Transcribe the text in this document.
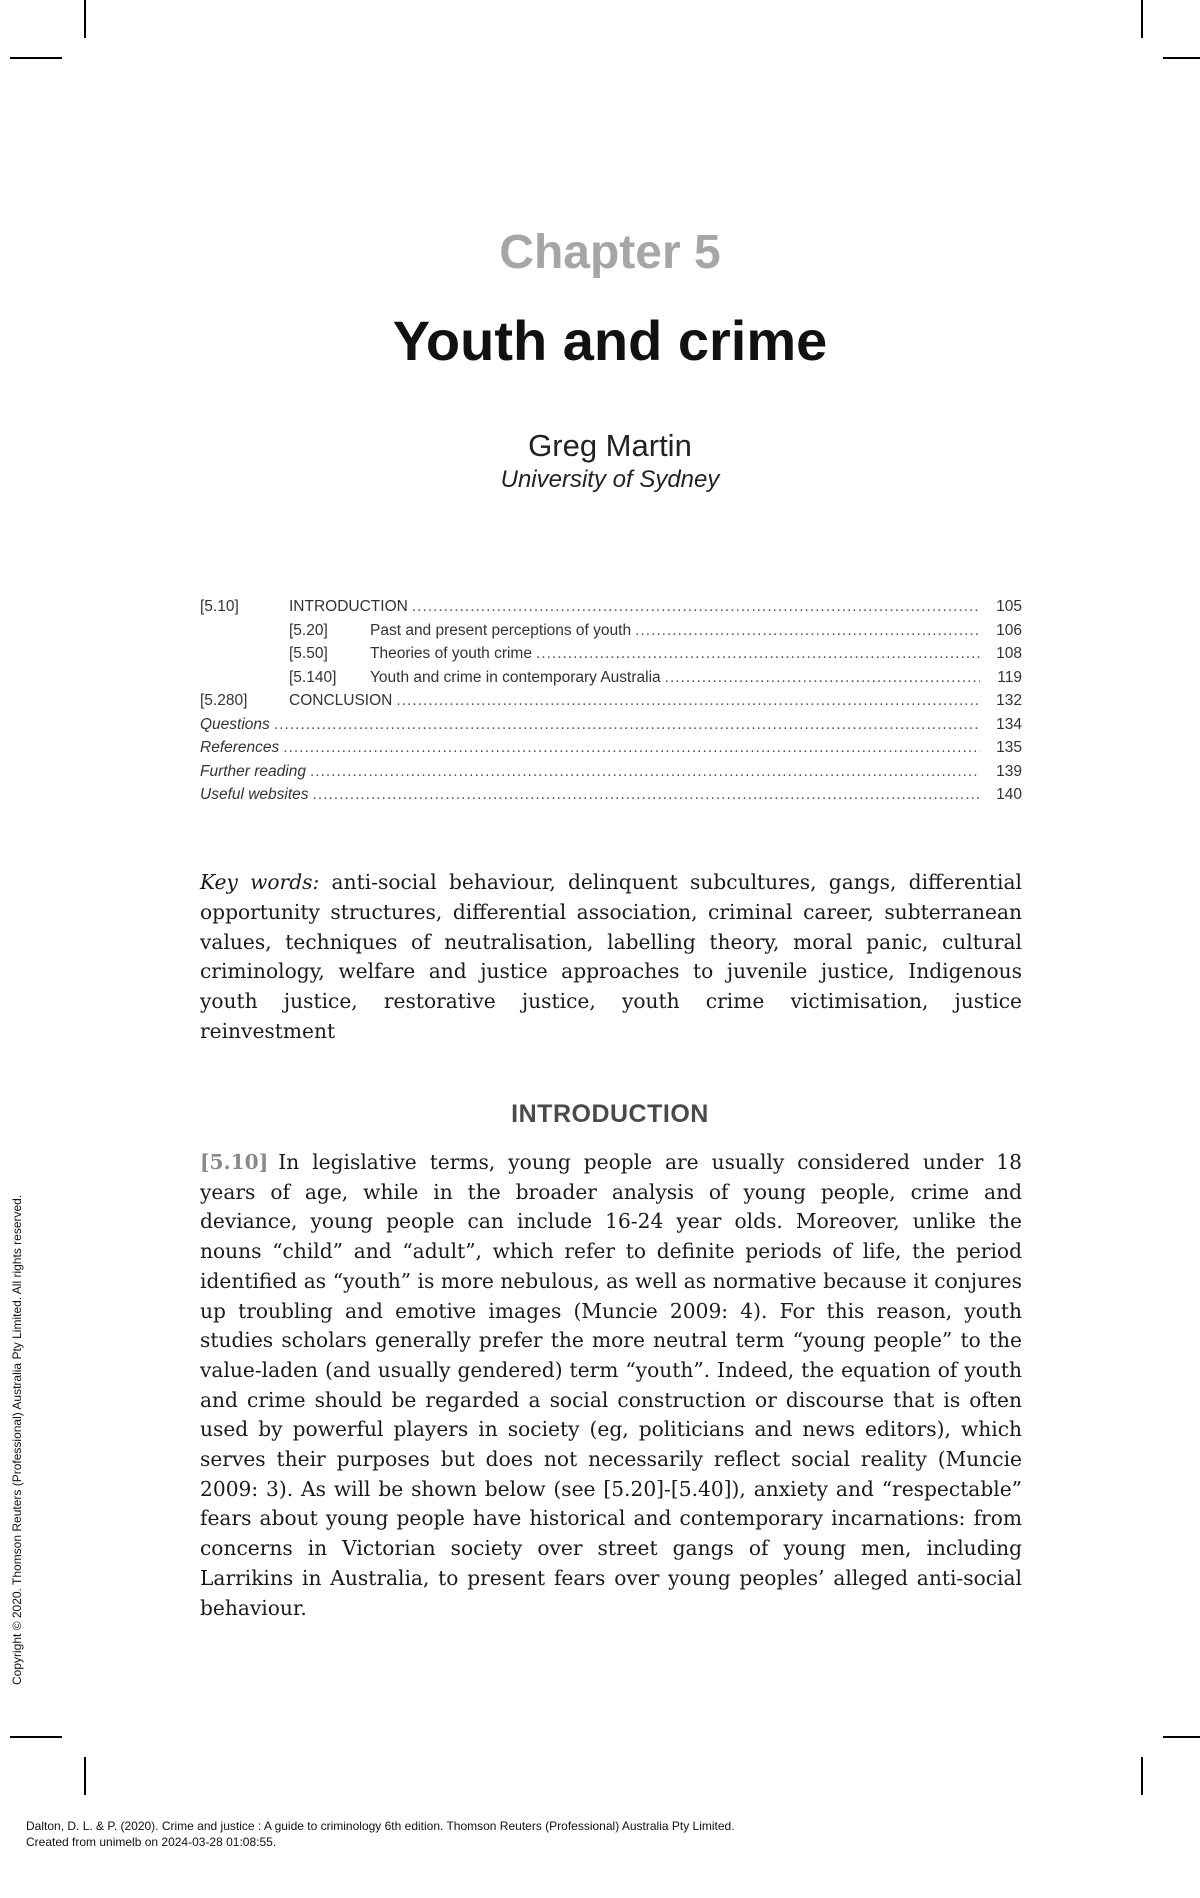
Chapter 5
Youth and crime
Greg Martin
University of Sydney
[5.10]	INTRODUCTION .....	105
[5.20]	Past and present perceptions of youth .....	106
[5.50]	Theories of youth crime .....	108
[5.140]	Youth and crime in contemporary Australia .....	119
[5.280]	CONCLUSION .....	132
Questions .....	134
References .....	135
Further reading .....	139
Useful websites .....	140
Key words: anti-social behaviour, delinquent subcultures, gangs, differential opportunity structures, differential association, criminal career, subterranean values, techniques of neutralisation, labelling theory, moral panic, cultural criminology, welfare and justice approaches to juvenile justice, Indigenous youth justice, restorative justice, youth crime victimisation, justice reinvestment
INTRODUCTION
[5.10] In legislative terms, young people are usually considered under 18 years of age, while in the broader analysis of young people, crime and deviance, young people can include 16-24 year olds. Moreover, unlike the nouns “child” and “adult”, which refer to definite periods of life, the period identified as “youth” is more nebulous, as well as normative because it conjures up troubling and emotive images (Muncie 2009: 4). For this reason, youth studies scholars generally prefer the more neutral term “young people” to the value-laden (and usually gendered) term “youth”. Indeed, the equation of youth and crime should be regarded a social construction or discourse that is often used by powerful players in society (eg, politicians and news editors), which serves their purposes but does not necessarily reflect social reality (Muncie 2009: 3). As will be shown below (see [5.20]-[5.40]), anxiety and “respectable” fears about young people have historical and contemporary incarnations: from concerns in Victorian society over street gangs of young men, including Larrikins in Australia, to present fears over young peoples’ alleged anti-social behaviour.
Copyright © 2020. Thomson Reuters (Professional) Australia Pty Limited. All rights reserved.
Dalton, D. L. & P. (2020). Crime and justice : A guide to criminology 6th edition. Thomson Reuters (Professional) Australia Pty Limited.
Created from unimelb on 2024-03-28 01:08:55.
